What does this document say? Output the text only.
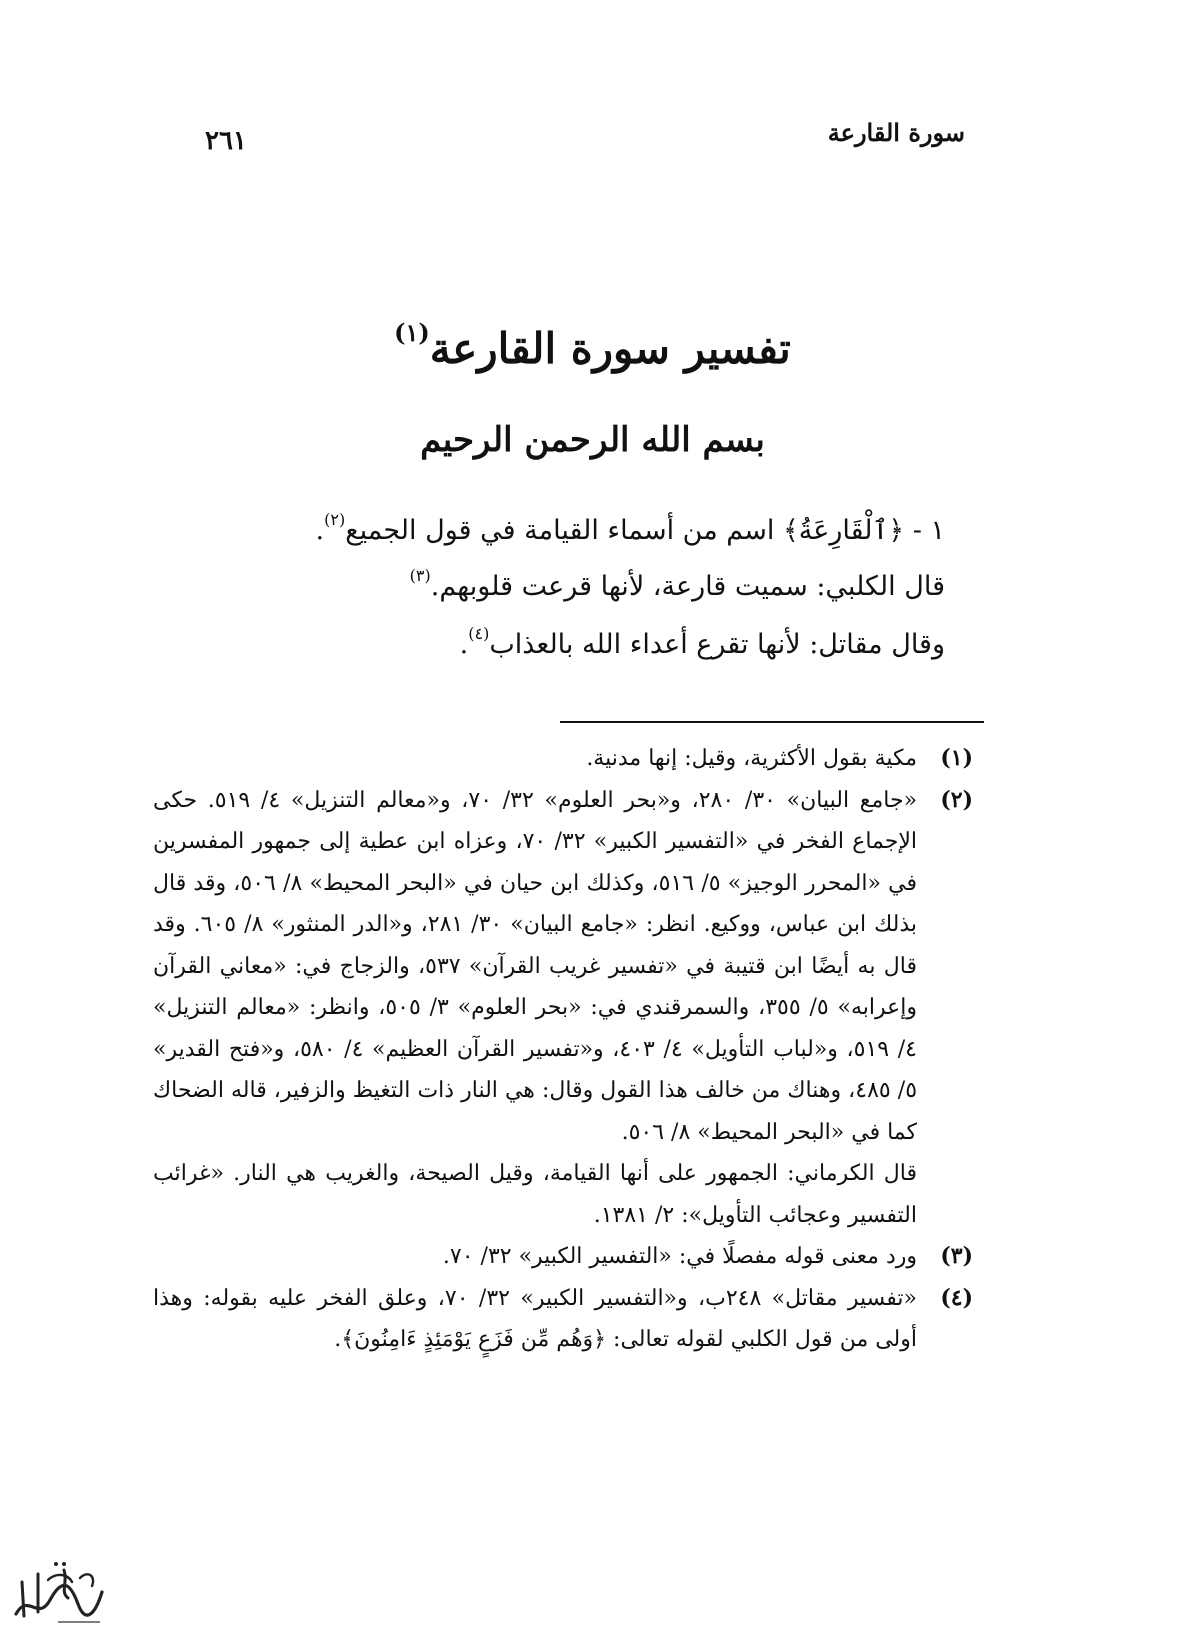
سورة القارعة
٢٦١
تفسير سورة القارعة$^{(١)}$
بسم الله الرحمن الرحيم
١ - ﴿ٱلْقَارِعَةُ﴾ اسم من أسماء القيامة في قول الجميع$^{(٢)}$.
قال الكلبي: سميت قارعة، لأنها قرعت قلوبهم.$^{(٣)}$
وقال مقاتل: لأنها تقرع أعداء الله بالعذاب$^{(٤)}$.
(١)
مكية بقول الأكثرية، وقيل: إنها مدنية.
(٢)
«جامع البيان» ٣٠/ ٢٨٠، و«بحر العلوم» ٣٢/ ٧٠، و«معالم التنزيل» ٤/ ٥١٩. حكى الإجماع الفخر في «التفسير الكبير» ٣٢/ ٧٠، وعزاه ابن عطية إلى جمهور المفسرين في «المحرر الوجيز» ٥/ ٥١٦، وكذلك ابن حيان في «البحر المحيط» ٨/ ٥٠٦، وقد قال بذلك ابن عباس، ووكيع. انظر: «جامع البيان» ٣٠/ ٢٨١، و«الدر المنثور» ٨/ ٦٠٥. وقد قال به أيضًا ابن قتيبة في «تفسير غريب القرآن» ٥٣٧، والزجاج في: «معاني القرآن وإعرابه» ٥/ ٣٥٥، والسمرقندي في: «بحر العلوم» ٣/ ٥٠٥، وانظر: «معالم التنزيل» ٤/ ٥١٩، و«لباب التأويل» ٤/ ٤٠٣، و«تفسير القرآن العظيم» ٤/ ٥٨٠، و«فتح القدير» ٥/ ٤٨٥، وهناك من خالف هذا القول وقال: هي النار ذات التغيظ والزفير، قاله الضحاك كما في «البحر المحيط» ٨/ ٥٠٦.
قال الكرماني: الجمهور على أنها القيامة، وقيل الصيحة، والغريب هي النار. «غرائب التفسير وعجائب التأويل»: ٢/ ١٣٨١.
(٣)
ورد معنى قوله مفصلًا في: «التفسير الكبير» ٣٢/ ٧٠.
(٤)
«تفسير مقاتل» ٢٤٨ب، و«التفسير الكبير» ٣٢/ ٧٠، وعلق الفخر عليه بقوله: وهذا أولى من قول الكلبي لقوله تعالى: ﴿وَهُم مِّن فَزَعٍ يَوْمَئِذٍ ءَامِنُونَ﴾.
